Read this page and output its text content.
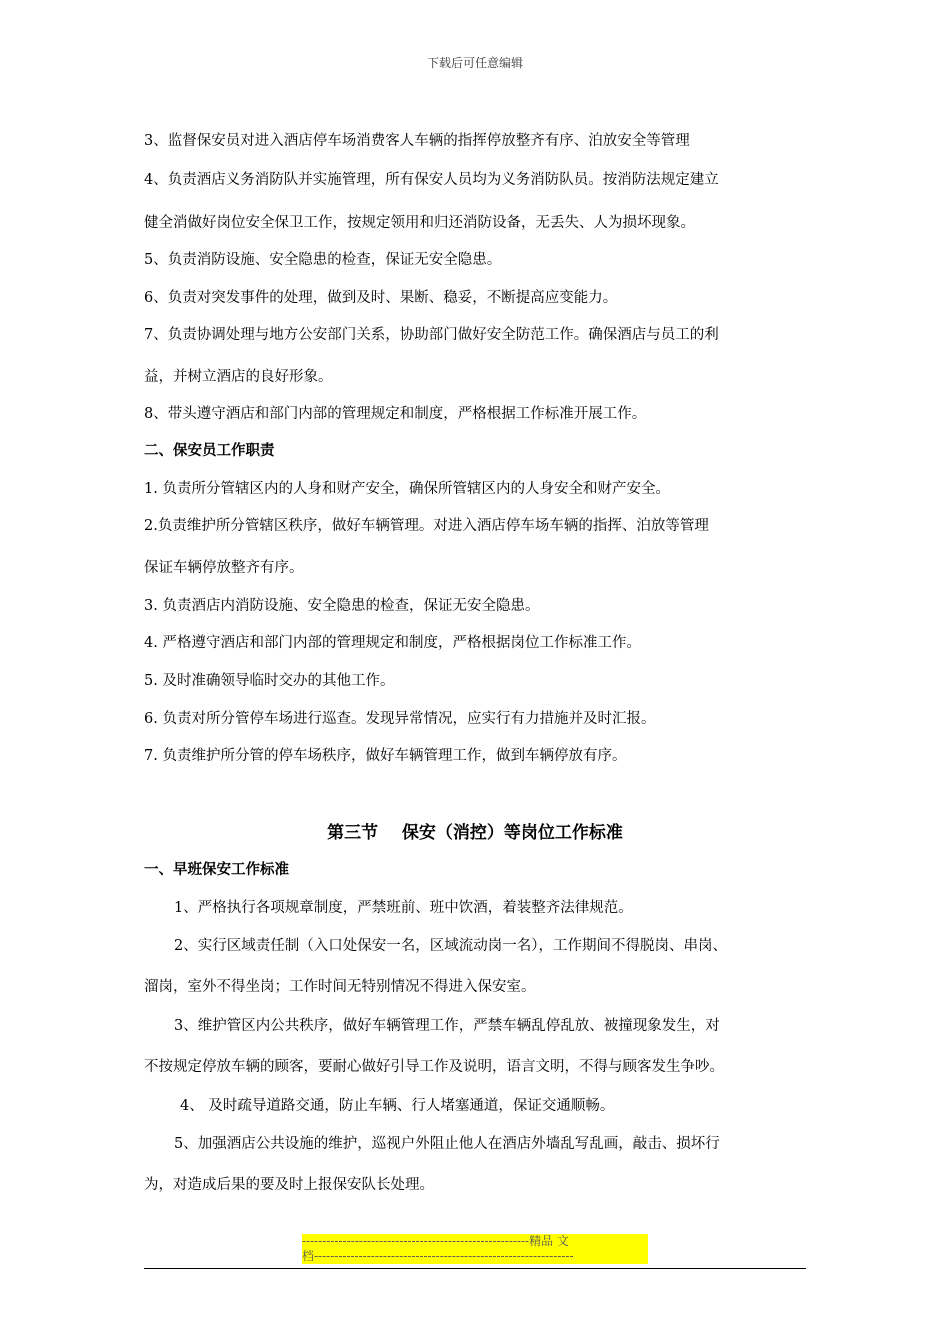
下载后可任意编辑
3、监督保安员对进入酒店停车场消费客人车辆的指挥停放整齐有序、泊放安全等管理
4、负责酒店义务消防队并实施管理，所有保安人员均为义务消防队员。按消防法规定建立
健全消做好岗位安全保卫工作，按规定领用和归还消防设备，无丢失、人为损坏现象。
5、负责消防设施、安全隐患的检查，保证无安全隐患。
6、负责对突发事件的处理，做到及时、果断、稳妥，不断提高应变能力。
7、负责协调处理与地方公安部门关系，协助部门做好安全防范工作。确保酒店与员工的利
益，并树立酒店的良好形象。
8、带头遵守酒店和部门内部的管理规定和制度，严格根据工作标准开展工作。
1. 负责所分管辖区内的人身和财产安全，确保所管辖区内的人身安全和财产安全。
2.负责维护所分管辖区秩序，做好车辆管理。对进入酒店停车场车辆的指挥、泊放等管理
保证车辆停放整齐有序。
3. 负责酒店内消防设施、安全隐患的检查，保证无安全隐患。
4. 严格遵守酒店和部门内部的管理规定和制度，严格根据岗位工作标准工作。
5. 及时准确领导临时交办的其他工作。
6. 负责对所分管停车场进行巡查。发现异常情况，应实行有力措施并及时汇报。
7. 负责维护所分管的停车场秩序，做好车辆管理工作，做到车辆停放有序。
1、严格执行各项规章制度，严禁班前、班中饮酒，着装整齐法律规范。
2、实行区域责任制（入口处保安一名，区域流动岗一名），工作期间不得脱岗、串岗、
溜岗，室外不得坐岗；工作时间无特别情况不得进入保安室。
3、维护管区内公共秩序，做好车辆管理工作，严禁车辆乱停乱放、被撞现象发生，对
不按规定停放车辆的顾客，要耐心做好引导工作及说明，语言文明，不得与顾客发生争吵。
4、 及时疏导道路交通，防止车辆、行人堵塞通道，保证交通顺畅。
5、加强酒店公共设施的维护，巡视户外阻止他人在酒店外墙乱写乱画，敲击、损坏行
为，对造成后果的要及时上报保安队长处理。
二、保安员工作职责
一、早班保安工作标准
第三节    保安（消控）等岗位工作标准
--------------------------------------------------------精品 文
档----------------------------------------------------------------
